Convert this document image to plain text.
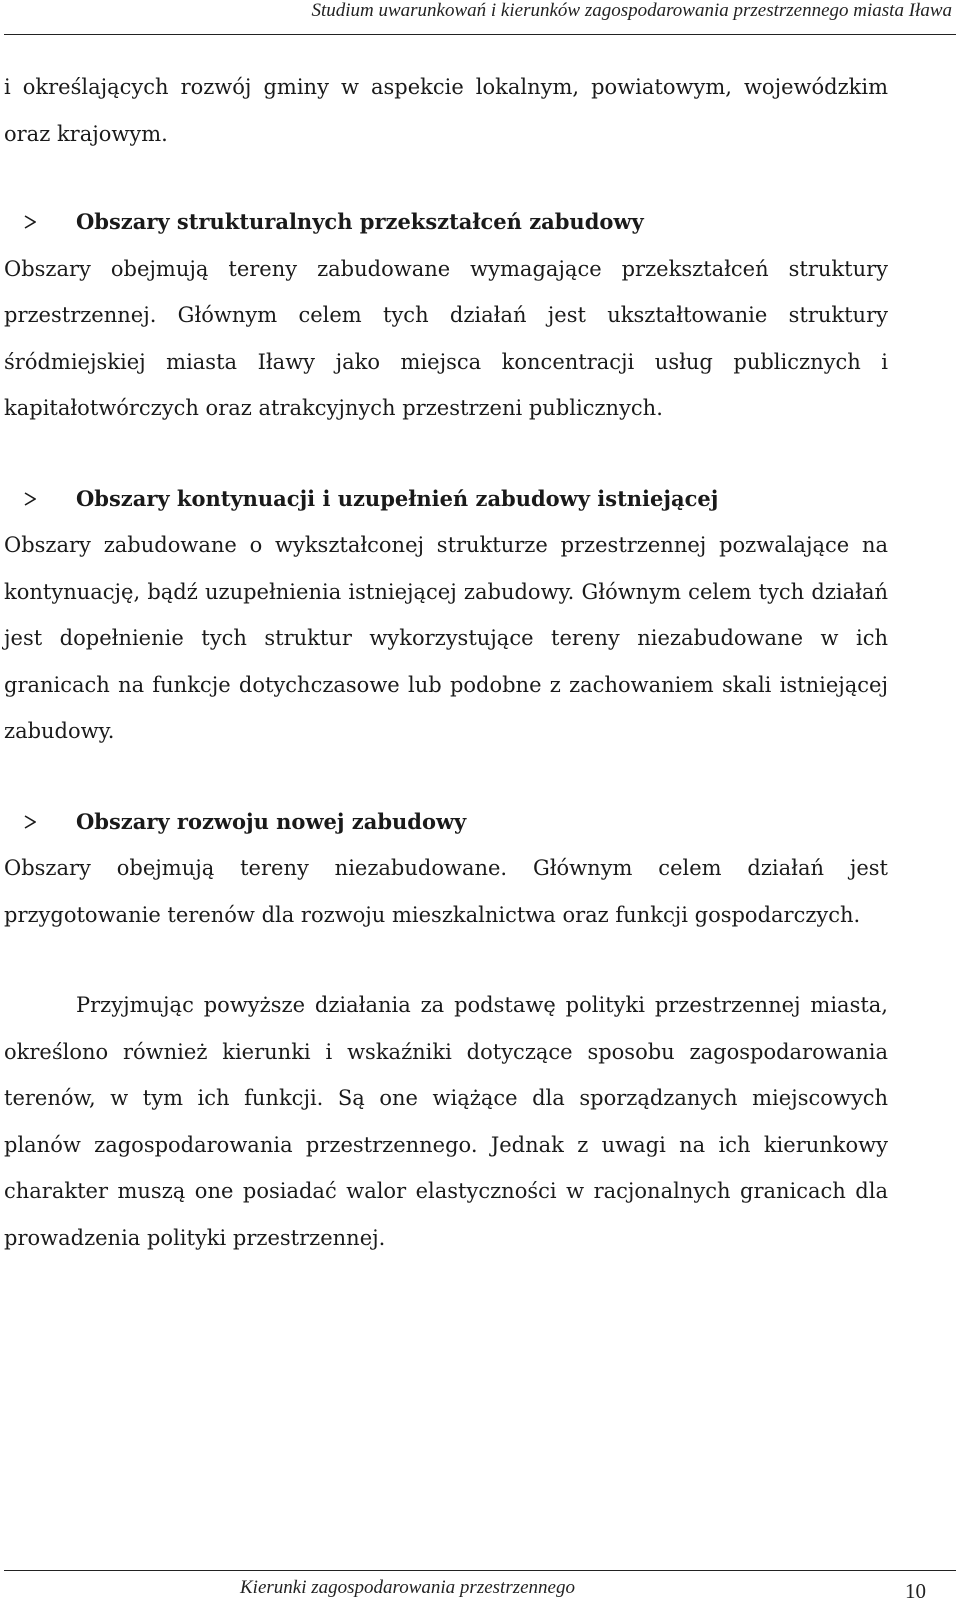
Studium uwarunkowań i kierunków zagospodarowania przestrzennego miasta Iława

i określających rozwój gminy w aspekcie lokalnym, powiatowym, wojewódzkim oraz krajowym.

Obszary strukturalnych przekształceń zabudowy

Obszary obejmują tereny zabudowane wymagające przekształceń struktury przestrzennej. Głównym celem tych działań jest ukształtowanie struktury śródmiejskiej miasta Iławy jako miejsca koncentracji usług publicznych i kapitałotwórczych oraz atrakcyjnych przestrzeni publicznych.

Obszary kontynuacji i uzupełnień zabudowy istniejącej

Obszary zabudowane o wykształconej strukturze przestrzennej pozwalające na kontynuację, bądź uzupełnienia istniejącej zabudowy. Głównym celem tych działań jest dopełnienie tych struktur wykorzystujące tereny niezabudowane w ich granicach na funkcje dotychczasowe lub podobne z zachowaniem skali istniejącej zabudowy.

Obszary rozwoju nowej zabudowy

Obszary obejmują tereny niezabudowane. Głównym celem działań jest przygotowanie terenów dla rozwoju mieszkalnictwa oraz funkcji gospodarczych.

Przyjmując powyższe działania za podstawę polityki przestrzennej miasta, określono również kierunki i wskaźniki dotyczące sposobu zagospodarowania terenów, w tym ich funkcji. Są one wiążące dla sporządzanych miejscowych planów zagospodarowania przestrzennego. Jednak z uwagi na ich kierunkowy charakter muszą one posiadać walor elastyczności w racjonalnych granicach dla prowadzenia polityki przestrzennej.

Kierunki zagospodarowania przestrzennego	10
